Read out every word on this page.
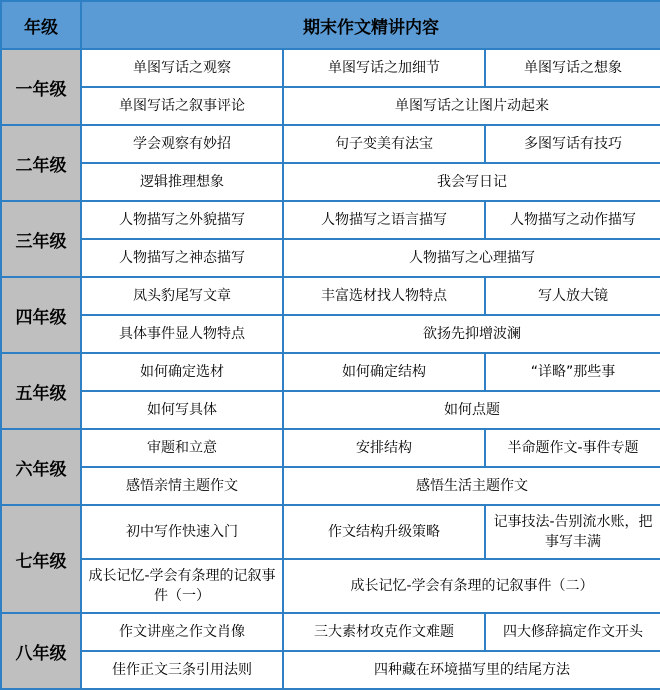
年级	期末作文精讲内容		
一年级	单图写话之观察	单图写话之加细节	单图写话之想象
	单图写话之叙事评论	单图写话之让图片动起来	
二年级	学会观察有妙招	句子变美有法宝	多图写话有技巧
	逻辑推理想象	我会写日记	
三年级	人物描写之外貌描写	人物描写之语言描写	人物描写之动作描写
	人物描写之神态描写	人物描写之心理描写	
四年级	凤头豹尾写文章	丰富选材找人物特点	写人放大镜
	具体事件显人物特点	欲扬先抑增波澜	
五年级	如何确定选材	如何确定结构	“详略”那些事
	如何写具体	如何点题	
六年级	审题和立意	安排结构	半命题作文-事件专题
	感悟亲情主题作文	感悟生活主题作文	
七年级	初中写作快速入门	作文结构升级策略	记事技法-告别流水账，把事写丰满
	成长记忆-学会有条理的记叙事件（一）	成长记忆-学会有条理的记叙事件（二）	
八年级	作文讲座之作文肖像	三大素材攻克作文难题	四大修辞搞定作文开头
	佳作正文三条引用法则	四种藏在环境描写里的结尾方法	
